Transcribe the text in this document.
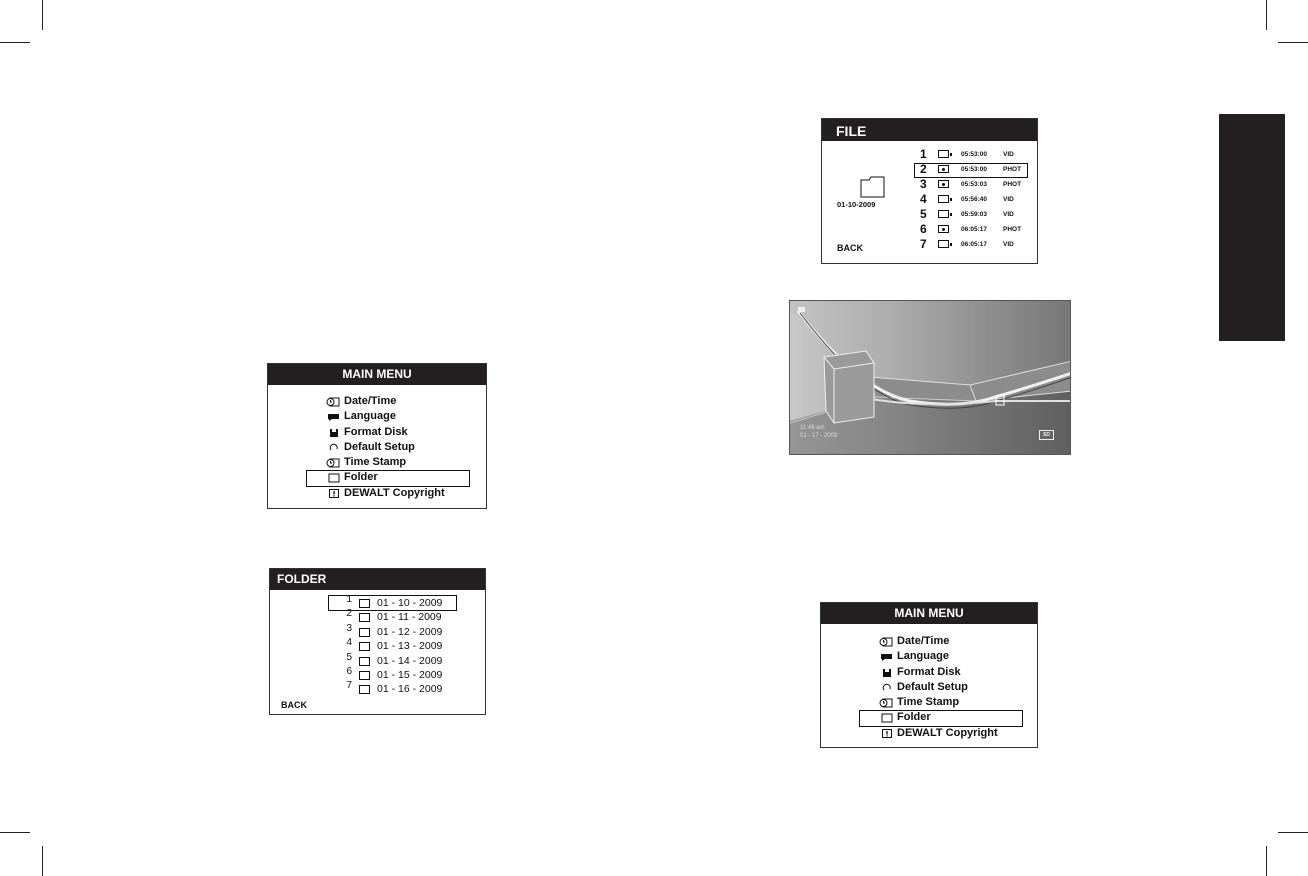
MAIN MENU
Date/Time
Language
Format Disk
Default Setup
Time Stamp
Folder
DEWALT Copyright
FOLDER
1 01 - 10 - 2009
2 01 - 11 - 2009
3 01 - 12 - 2009
4 01 - 13 - 2009
5 01 - 14 - 2009
6 01 - 15 - 2009
7 01 - 16 - 2009
BACK
FILE
01-10-2009
BACK
1	05:53:00 VID
2	05:53:00 PHOT
3	05:53:03 PHOT
4	05:56:40 VID
5	05:59:03 VID
6	06:05:17 PHOT
7	06:05:17 VID
11:46 am
01 - 17 - 2009	SD
MAIN MENU
Date/Time
Language
Format Disk
Default Setup
Time Stamp
Folder
DEWALT Copyright
